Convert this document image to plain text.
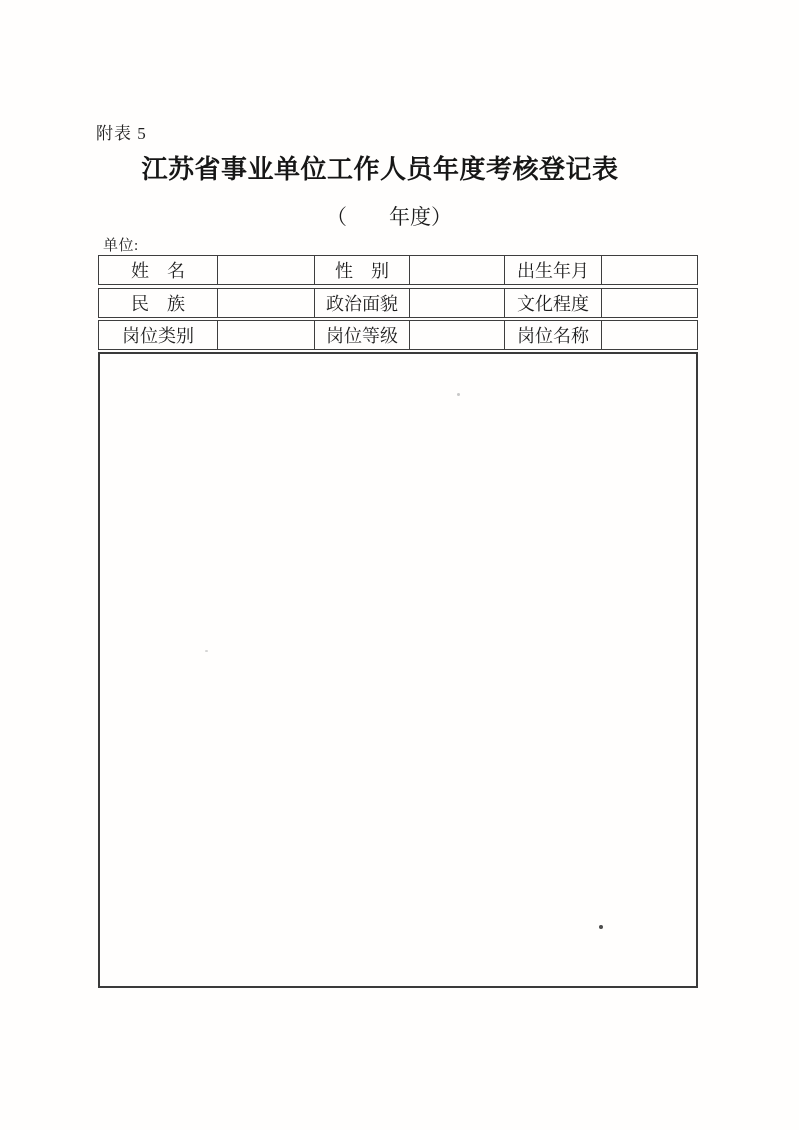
附表 5
江苏省事业单位工作人员年度考核登记表
（　　年度）
单位:
姓　名	性　别	出生年月
民　族	政治面貌	文化程度
岗位类别	岗位等级	岗位名称
